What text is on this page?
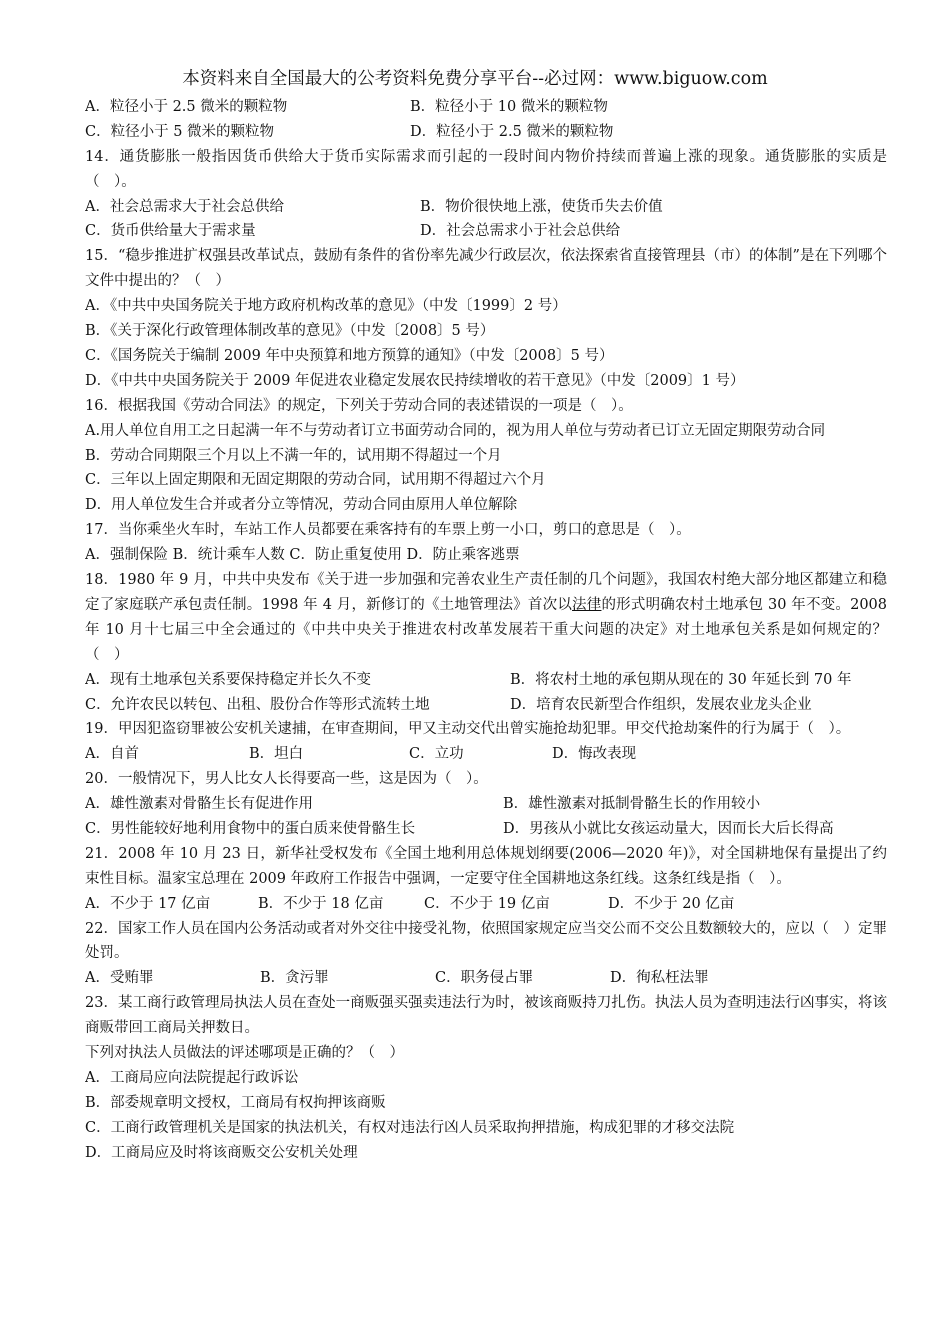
本资料来自全国最大的公考资料免费分享平台--必过网：www.biguow.com
A．粒径小于 2.5 微米的颗粒物	B．粒径小于 10 微米的颗粒物
C．粒径小于 5 微米的颗粒物	D．粒径小于 2.5 微米的颗粒物
14．通货膨胀一般指因货币供给大于货币实际需求而引起的一段时间内物价持续而普遍上涨的现象。通货膨胀的实质是（　）。
A．社会总需求大于社会总供给	B．物价很快地上涨，使货币失去价值
C．货币供给量大于需求量	D．社会总需求小于社会总供给
15．“稳步推进扩权强县改革试点，鼓励有条件的省份率先减少行政层次，依法探索省直接管理县（市）的体制”是在下列哪个文件中提出的？（　）
A．《中共中央国务院关于地方政府机构改革的意见》（中发〔1999〕2 号）
B．《关于深化行政管理体制改革的意见》（中发〔2008〕5 号）
C．《国务院关于编制 2009 年中央预算和地方预算的通知》（中发〔2008〕5 号）
D．《中共中央国务院关于 2009 年促进农业稳定发展农民持续增收的若干意见》（中发〔2009〕1 号）
16．根据我国《劳动合同法》的规定，下列关于劳动合同的表述错误的一项是（　）。
A.用人单位自用工之日起满一年不与劳动者订立书面劳动合同的，视为用人单位与劳动者已订立无固定期限劳动合同
B．劳动合同期限三个月以上不满一年的，试用期不得超过一个月
C．三年以上固定期限和无固定期限的劳动合同，试用期不得超过六个月
D．用人单位发生合并或者分立等情况，劳动合同由原用人单位解除
17．当你乘坐火车时，车站工作人员都要在乘客持有的车票上剪一小口，剪口的意思是（　）。
A．强制保险 B．统计乘车人数 C．防止重复使用 D．防止乘客逃票
18．1980 年 9 月，中共中央发布《关于进一步加强和完善农业生产责任制的几个问题》，我国农村绝大部分地区都建立和稳定了家庭联产承包责任制。1998 年 4 月，新修订的《土地管理法》首次以法律的形式明确农村土地承包 30 年不变。2008 年 10 月十七届三中全会通过的《中共中央关于推进农村改革发展若干重大问题的决定》对土地承包关系是如何规定的？（　）
A．现有土地承包关系要保持稳定并长久不变	B．将农村土地的承包期从现在的 30 年延长到 70 年
C．允许农民以转包、出租、股份合作等形式流转土地	D．培育农民新型合作组织，发展农业龙头企业
19．甲因犯盗窃罪被公安机关逮捕，在审查期间，甲又主动交代出曾实施抢劫犯罪。甲交代抢劫案件的行为属于（　）。
A．自首	B．坦白	C．立功	D．悔改表现
20．一般情况下，男人比女人长得要高一些，这是因为（　）。
A．雄性激素对骨骼生长有促进作用	B．雄性激素对抵制骨骼生长的作用较小
C．男性能较好地利用食物中的蛋白质来使骨骼生长	D．男孩从小就比女孩运动量大，因而长大后长得高
21．2008 年 10 月 23 日，新华社受权发布《全国土地利用总体规划纲要(2006—2020 年)》，对全国耕地保有量提出了约束性目标。温家宝总理在 2009 年政府工作报告中强调，一定要守住全国耕地这条红线。这条红线是指（　）。
A．不少于 17 亿亩	B．不少于 18 亿亩	C．不少于 19 亿亩	D．不少于 20 亿亩
22．国家工作人员在国内公务活动或者对外交往中接受礼物，依照国家规定应当交公而不交公且数额较大的，应以（　）定罪处罚。
A．受贿罪	B．贪污罪	C．职务侵占罪	D．徇私枉法罪
23．某工商行政管理局执法人员在查处一商贩强买强卖违法行为时，被该商贩持刀扎伤。执法人员为查明违法行凶事实，将该商贩带回工商局关押数日。
下列对执法人员做法的评述哪项是正确的？（　）
A．工商局应向法院提起行政诉讼
B．部委规章明文授权，工商局有权拘押该商贩
C．工商行政管理机关是国家的执法机关，有权对违法行凶人员采取拘押措施，构成犯罪的才移交法院
D．工商局应及时将该商贩交公安机关处理
